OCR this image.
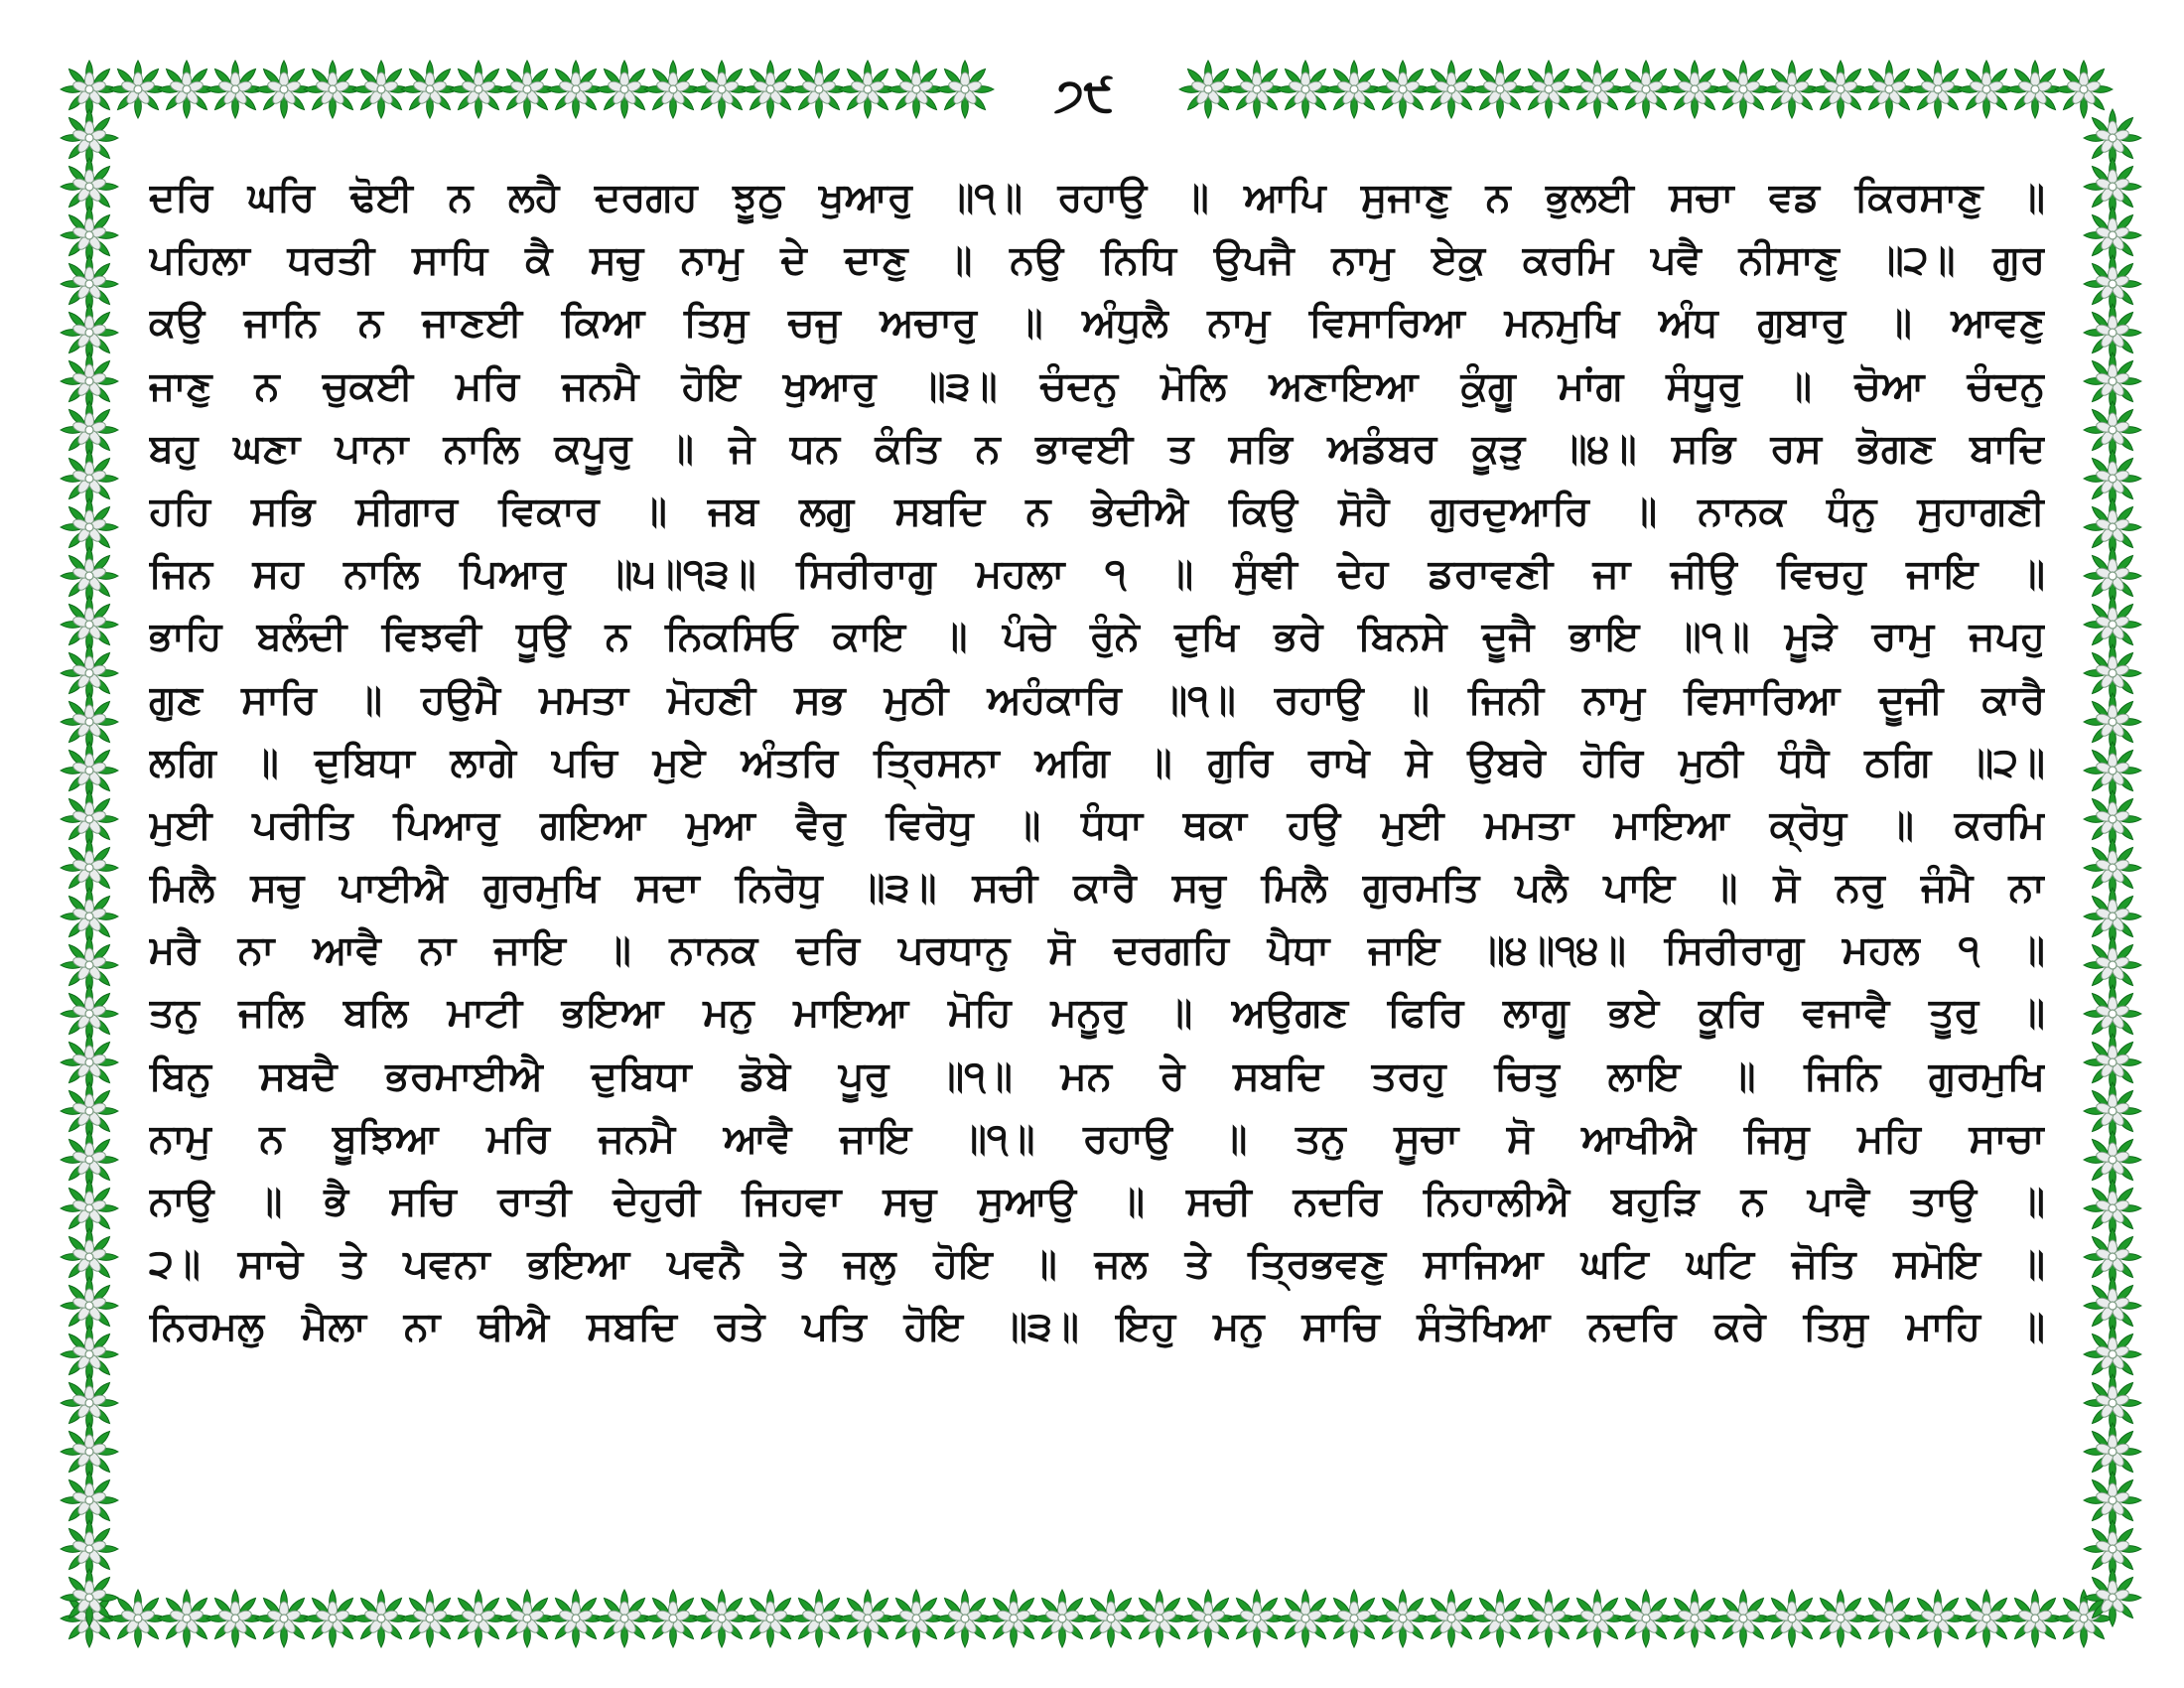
੭੯
ਦਰਿ ਘਰਿ ਢੋਈ ਨ ਲਹੈ ਦਰਗਹ ਝੂਠੁ ਖੁਆਰੁ ॥੧॥ ਰਹਾਉ ॥ ਆਪਿ ਸੁਜਾਣੁ ਨ ਭੁਲਈ ਸਚਾ ਵਡ ਕਿਰਸਾਣੁ ॥
ਪਹਿਲਾ ਧਰਤੀ ਸਾਧਿ ਕੈ ਸਚੁ ਨਾਮੁ ਦੇ ਦਾਣੁ ॥ ਨਉ ਨਿਧਿ ਉਪਜੈ ਨਾਮੁ ਏਕੁ ਕਰਮਿ ਪਵੈ ਨੀਸਾਣੁ ॥੨॥ ਗੁਰ
ਕਉ ਜਾਨਿ ਨ ਜਾਣਈ ਕਿਆ ਤਿਸੁ ਚਜੁ ਅਚਾਰੁ ॥ ਅੰਧੁਲੈ ਨਾਮੁ ਵਿਸਾਰਿਆ ਮਨਮੁਖਿ ਅੰਧ ਗੁਬਾਰੁ ॥ ਆਵਣੁ
ਜਾਣੁ ਨ ਚੁਕਈ ਮਰਿ ਜਨਮੈ ਹੋਇ ਖੁਆਰੁ ॥੩॥ ਚੰਦਨੁ ਮੋਲਿ ਅਣਾਇਆ ਕੁੰਗੂ ਮਾਂਗ ਸੰਧੂਰੁ ॥ ਚੋਆ ਚੰਦਨੁ
ਬਹੁ ਘਣਾ ਪਾਨਾ ਨਾਲਿ ਕਪੂਰੁ ॥ ਜੇ ਧਨ ਕੰਤਿ ਨ ਭਾਵਈ ਤ ਸਭਿ ਅਡੰਬਰ ਕੂੜੁ ॥੪॥ ਸਭਿ ਰਸ ਭੋਗਣ ਬਾਦਿ
ਹਹਿ ਸਭਿ ਸੀਗਾਰ ਵਿਕਾਰ ॥ ਜਬ ਲਗੁ ਸਬਦਿ ਨ ਭੇਦੀਐ ਕਿਉ ਸੋਹੈ ਗੁਰਦੁਆਰਿ ॥ ਨਾਨਕ ਧੰਨੁ ਸੁਹਾਗਣੀ
ਜਿਨ ਸਹ ਨਾਲਿ ਪਿਆਰੁ ॥੫॥੧੩॥ ਸਿਰੀਰਾਗੁ ਮਹਲਾ ੧ ॥ ਸੁੰਞੀ ਦੇਹ ਡਰਾਵਣੀ ਜਾ ਜੀਉ ਵਿਚਹੁ ਜਾਇ ॥
ਭਾਹਿ ਬਲੰਦੀ ਵਿਝਵੀ ਧੂਉ ਨ ਨਿਕਸਿਓ ਕਾਇ ॥ ਪੰਚੇ ਰੁੰਨੇ ਦੁਖਿ ਭਰੇ ਬਿਨਸੇ ਦੂਜੈ ਭਾਇ ॥੧॥ ਮੂੜੇ ਰਾਮੁ ਜਪਹੁ
ਗੁਣ ਸਾਰਿ ॥ ਹਉਮੈ ਮਮਤਾ ਮੋਹਣੀ ਸਭ ਮੁਠੀ ਅਹੰਕਾਰਿ ॥੧॥ ਰਹਾਉ ॥ ਜਿਨੀ ਨਾਮੁ ਵਿਸਾਰਿਆ ਦੂਜੀ ਕਾਰੈ
ਲਗਿ ॥ ਦੁਬਿਧਾ ਲਾਗੇ ਪਚਿ ਮੁਏ ਅੰਤਰਿ ਤ੍ਰਿਸਨਾ ਅਗਿ ॥ ਗੁਰਿ ਰਾਖੇ ਸੇ ਉਬਰੇ ਹੋਰਿ ਮੁਠੀ ਧੰਧੈ ਠਗਿ ॥੨॥
ਮੁਈ ਪਰੀਤਿ ਪਿਆਰੁ ਗਇਆ ਮੁਆ ਵੈਰੁ ਵਿਰੋਧੁ ॥ ਧੰਧਾ ਥਕਾ ਹਉ ਮੁਈ ਮਮਤਾ ਮਾਇਆ ਕ੍ਰੋਧੁ ॥ ਕਰਮਿ
ਮਿਲੈ ਸਚੁ ਪਾਈਐ ਗੁਰਮੁਖਿ ਸਦਾ ਨਿਰੋਧੁ ॥੩॥ ਸਚੀ ਕਾਰੈ ਸਚੁ ਮਿਲੈ ਗੁਰਮਤਿ ਪਲੈ ਪਾਇ ॥ ਸੋ ਨਰੁ ਜੰਮੈ ਨਾ
ਮਰੈ ਨਾ ਆਵੈ ਨਾ ਜਾਇ ॥ ਨਾਨਕ ਦਰਿ ਪਰਧਾਨੁ ਸੋ ਦਰਗਹਿ ਪੈਧਾ ਜਾਇ ॥੪॥੧੪॥ ਸਿਰੀਰਾਗੁ ਮਹਲ ੧ ॥
ਤਨੁ ਜਲਿ ਬਲਿ ਮਾਟੀ ਭਇਆ ਮਨੁ ਮਾਇਆ ਮੋਹਿ ਮਨੂਰੁ ॥ ਅਉਗਣ ਫਿਰਿ ਲਾਗੂ ਭਏ ਕੂਰਿ ਵਜਾਵੈ ਤੂਰੁ ॥
ਬਿਨੁ ਸਬਦੈ ਭਰਮਾਈਐ ਦੁਬਿਧਾ ਡੋਬੇ ਪੂਰੁ ॥੧॥ ਮਨ ਰੇ ਸਬਦਿ ਤਰਹੁ ਚਿਤੁ ਲਾਇ ॥ ਜਿਨਿ ਗੁਰਮੁਖਿ
ਨਾਮੁ ਨ ਬੂਝਿਆ ਮਰਿ ਜਨਮੈ ਆਵੈ ਜਾਇ ॥੧॥ ਰਹਾਉ ॥ ਤਨੁ ਸੂਚਾ ਸੋ ਆਖੀਐ ਜਿਸੁ ਮਹਿ ਸਾਚਾ
ਨਾਉ ॥ ਭੈ ਸਚਿ ਰਾਤੀ ਦੇਹੁਰੀ ਜਿਹਵਾ ਸਚੁ ਸੁਆਉ ॥ ਸਚੀ ਨਦਰਿ ਨਿਹਾਲੀਐ ਬਹੁੜਿ ਨ ਪਾਵੈ ਤਾਉ ॥
੨॥ ਸਾਚੇ ਤੇ ਪਵਨਾ ਭਇਆ ਪਵਨੈ ਤੇ ਜਲੁ ਹੋਇ ॥ ਜਲ ਤੇ ਤ੍ਰਿਭਵਣੁ ਸਾਜਿਆ ਘਟਿ ਘਟਿ ਜੋਤਿ ਸਮੋਇ ॥
ਨਿਰਮਲੁ ਮੈਲਾ ਨਾ ਥੀਐ ਸਬਦਿ ਰਤੇ ਪਤਿ ਹੋਇ ॥੩॥ ਇਹੁ ਮਨੁ ਸਾਚਿ ਸੰਤੋਖਿਆ ਨਦਰਿ ਕਰੇ ਤਿਸੁ ਮਾਹਿ ॥
